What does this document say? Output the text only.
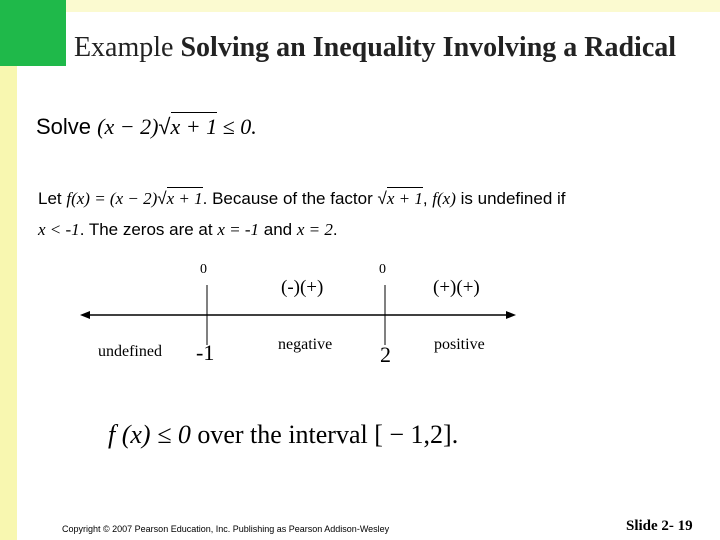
Example Solving an Inequality Involving a Radical
Solve (x − 2)√x + 1 ≤ 0.
Let f(x) = (x − 2)√x + 1. Because of the factor √x + 1, f(x) is undefined if
x < -1. The zeros are at x = -1 and x = 2.
0	0
(-)(+)	(+)(+)
undefined -1	negative 2	positive
f (x) ≤ 0 over the interval [ − 1,2].
Copyright © 2007 Pearson Education, Inc. Publishing as Pearson Addison-Wesley	Slide 2- 19
